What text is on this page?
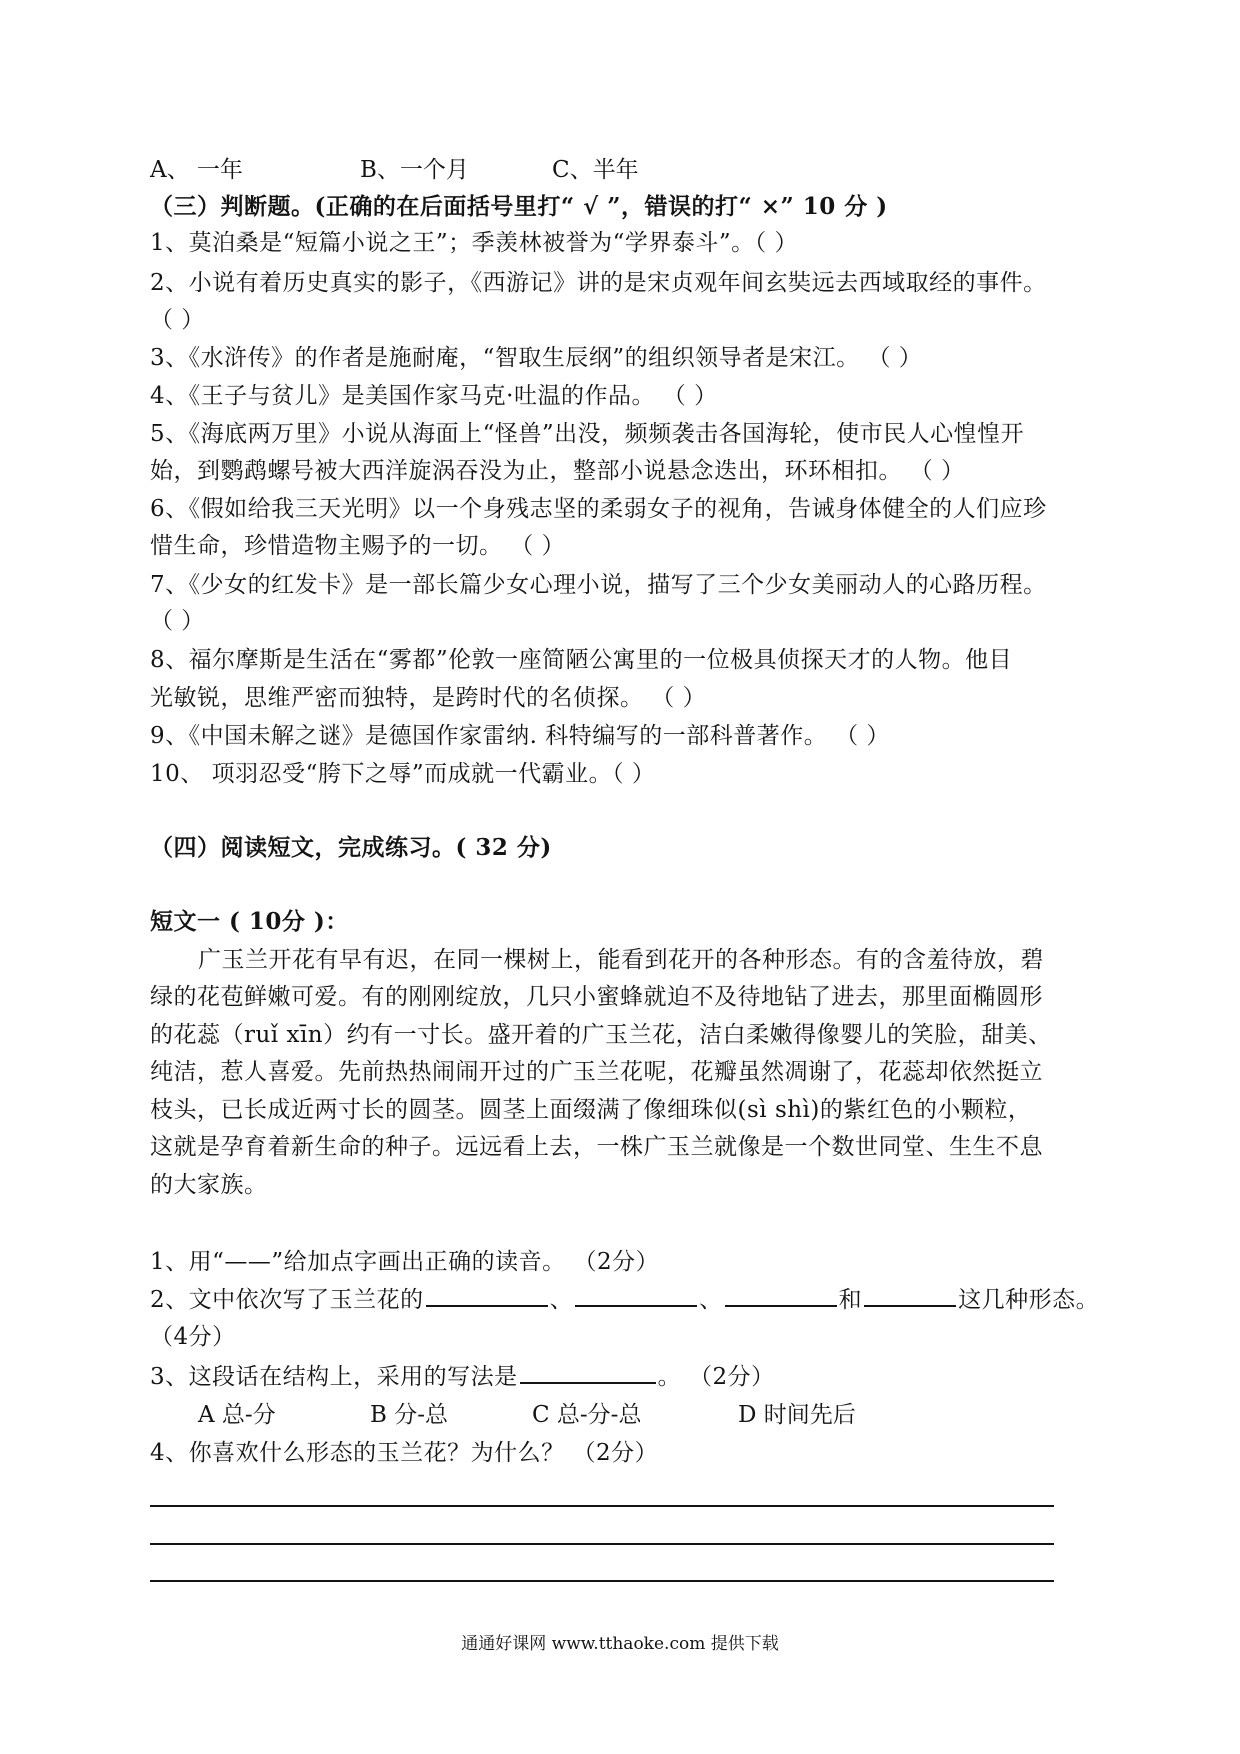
A、 一年	B、一个月	C、半年
（三）判断题。(正确的在后面括号里打“ √ ”，错误的打“ ×” 10 分 )
1、莫泊桑是“短篇小说之王”；季羡林被誉为“学界泰斗”。（ ）
2、小说有着历史真实的影子，《西游记》讲的是宋贞观年间玄奘远去西域取经的事件。
（ ）
3、《水浒传》的作者是施耐庵，“智取生辰纲”的组织领导者是宋江。 （ ）
4、《王子与贫儿》是美国作家马克·吐温的作品。 （ ）
5、《海底两万里》小说从海面上“怪兽”出没，频频袭击各国海轮，使市民人心惶惶开
始，到鹦鹉螺号被大西洋旋涡吞没为止，整部小说悬念迭出，环环相扣。 （ ）
6、《假如给我三天光明》以一个身残志坚的柔弱女子的视角，告诫身体健全的人们应珍
惜生命，珍惜造物主赐予的一切。 （ ）
7、《少女的红发卡》是一部长篇少女心理小说，描写了三个少女美丽动人的心路历程。
（ ）
8、福尔摩斯是生活在“雾都”伦敦一座简陋公寓里的一位极具侦探天才的人物。他目
光敏锐，思维严密而独特，是跨时代的名侦探。 （ ）
9、《中国未解之谜》是德国作家雷纳. 科特编写的一部科普著作。 （ ）
10、 项羽忍受“胯下之辱”而成就一代霸业。（ ）
（四）阅读短文，完成练习。( 32 分)
短文一 ( 10分 )：
广玉兰开花有早有迟，在同一棵树上，能看到花开的各种形态。有的含羞待放，碧
绿的花苞鲜嫩可爱。有的刚刚绽放，几只小蜜蜂就迫不及待地钻了进去，那里面椭圆形
的花蕊（ruǐ xīn）约有一寸长。盛开着的广玉兰花，洁白柔嫩得像婴儿的笑脸，甜美、
纯洁，惹人喜爱。先前热热闹闹开过的广玉兰花呢，花瓣虽然凋谢了，花蕊却依然挺立
枝头，已长成近两寸长的圆茎。圆茎上面缀满了像细珠似(sì shì)的紫红色的小颗粒，
这就是孕育着新生命的种子。远远看上去，一株广玉兰就像是一个数世同堂、生生不息
的大家族。
1、用“——”给加点字画出正确的读音。 （2分）
2、文中依次写了玉兰花的	、	、	和	这几种形态。
（4分）
3、这段话在结构上，采用的写法是	。 （2分）
A 总-分	B 分-总	C 总-分-总	D 时间先后
4、你喜欢什么形态的玉兰花？为什么？ （2分）
通通好课网 www.tthaoke.com 提供下载
